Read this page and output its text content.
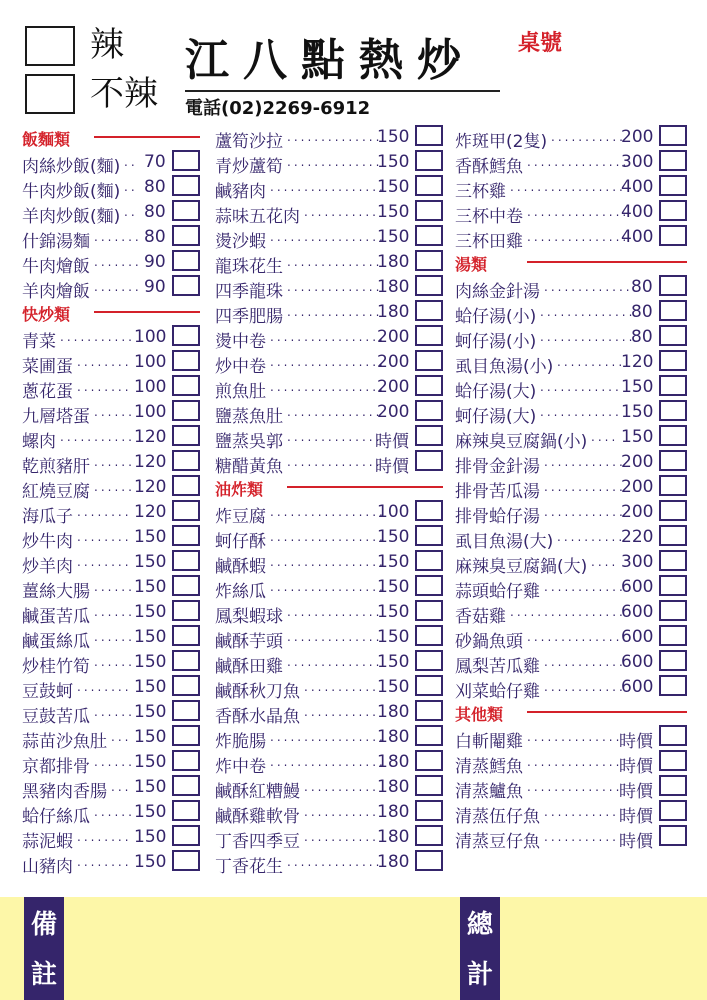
辣
不辣
江八點熱炒
電話(02)2269-6912
桌號
飯麵類
肉絲炒飯(麵) .. 70
牛肉炒飯(麵) .. 80
羊肉炒飯(麵) .. 80
什錦湯麵 ....... 80
牛肉燴飯 ....... 90
羊肉燴飯 ....... 90
快炒類
青菜 ........... 100
菜圃蛋 ........ 100
蔥花蛋 ........ 100
九層塔蛋 ...... 100
螺肉 ........... 120
乾煎豬肝 ...... 120
紅燒豆腐 ...... 120
海瓜子 ........ 120
炒牛肉 ........ 150
炒羊肉 ........ 150
薑絲大腸 ...... 150
鹹蛋苦瓜 ...... 150
鹹蛋絲瓜 ...... 150
炒桂竹筍 ...... 150
豆鼓蚵 ........ 150
豆鼓苦瓜 ...... 150
蒜苗沙魚肚 ... 150
京都排骨 ...... 150
黑豬肉香腸 ... 150
蛤仔絲瓜 ...... 150
蒜泥蝦 ........ 150
山豬肉 ........ 150
蘆筍沙拉 ..............
150
青炒蘆筍 ..............
150
鹹豬肉 .................
150
蒜味五花肉 ...........
150
燙沙蝦 .................
150
龍珠花生 ..............
180
四季龍珠 ..............
180
四季肥腸 ..............
180
燙中卷 .................
200
炒中卷 .................
200
煎魚肚 .................
200
鹽蒸魚肚 ..............
200
鹽蒸吳郭 ..............
時價
糖醋黃魚 ..............
時價
油炸類
炸豆腐 .................
100
蚵仔酥 .................
150
鹹酥蝦 .................
150
炸絲瓜 .................
150
鳳梨蝦球 ..............
150
鹹酥芋頭 ..............
150
鹹酥田雞 ..............
150
鹹酥秋刀魚 ...........
150
香酥水晶魚 ...........
180
炸脆腸 .................
180
炸中卷 .................
180
鹹酥紅糟鰻 ...........
180
鹹酥雞軟骨 ...........
180
丁香四季豆 ...........
180
丁香花生 ..............
180
炸斑甲(2隻) ...........
200
香酥鱈魚 ...............
300
三杯雞 .................
400
三杯中卷 ...............
400
三杯田雞 ...............
400
湯類
肉絲金針湯 .............
80
蛤仔湯(小) ..............
80
蚵仔湯(小) ..............
80
虱目魚湯(小) ..........
120
蛤仔湯(大) ............ 150
蚵仔湯(大) ............ 150
麻辣臭豆腐鍋(小) .... 150
排骨金針湯 ............
200
排骨苦瓜湯 ............
200
排骨蛤仔湯 ............
200
虱目魚湯(大) ..........
220
麻辣臭豆腐鍋(大) .... 300
蒜頭蛤仔雞 ............
600
香菇雞 .................
600
砂鍋魚頭 ...............
600
鳳梨苦瓜雞 ............
600
刈菜蛤仔雞 ............
600
其他類
白斬閹雞 ..............
時價
清蒸鱈魚 ..............
時價
清蒸鱸魚 ..............
時價
清蒸伍仔魚 ........... 時價
清蒸豆仔魚 ........... 時價
備
註
總
計
